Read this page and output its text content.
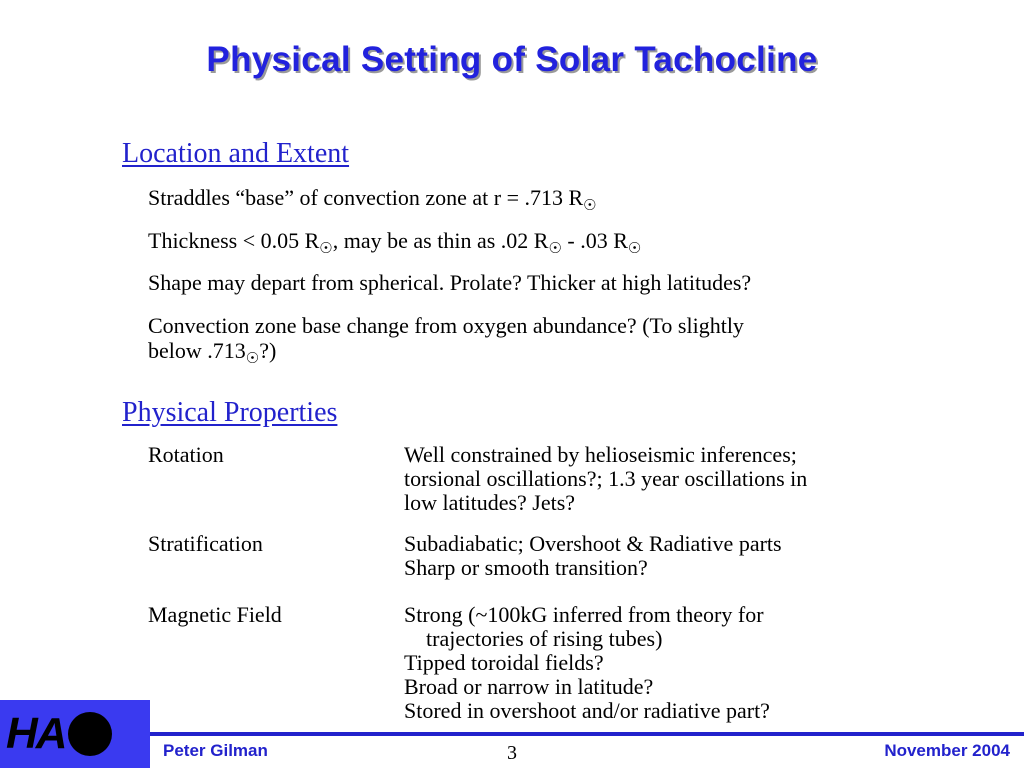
Physical Setting of Solar Tachocline
Location and Extent
Straddles “base” of convection zone at r = .713 $R_☉$
Thickness < 0.05 $R_☉$, may be as thin as .02 $R_☉ - .03$ $R_☉$
Shape may depart from spherical. Prolate? Thicker at high latitudes?
Convection zone base change from oxygen abundance? (To slightly
below $.713_☉$?)
Physical Properties
Rotation	Well constrained by helioseismic inferences;
torsional oscillations?; 1.3 year oscillations in
low latitudes? Jets?
Stratification	Subadiabatic; Overshoot & Radiative parts
Sharp or smooth transition?
Magnetic Field	Strong (~100kG inferred from theory for
trajectories of rising tubes)
Tipped toroidal fields?
Broad or narrow in latitude?
Stored in overshoot and/or radiative part?
HA	Peter Gilman	3	November 2004
